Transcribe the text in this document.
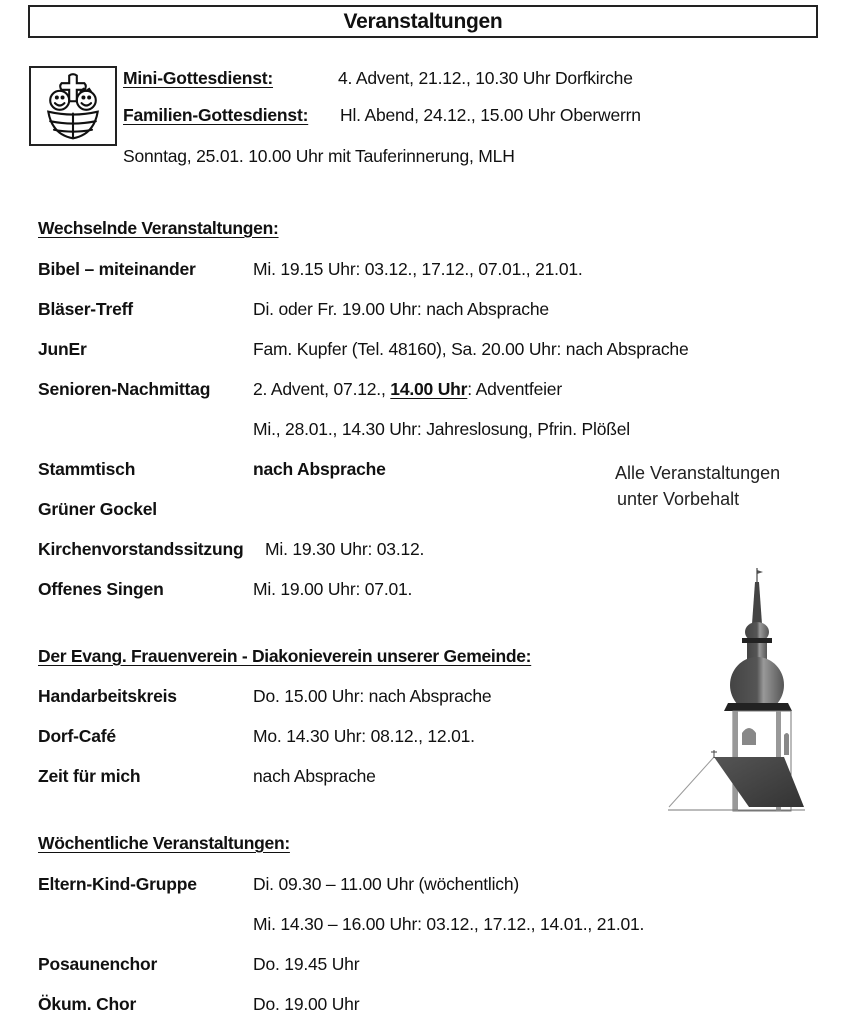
Veranstaltungen
Mini-Gottesdienst:	4. Advent, 21.12., 10.30 Uhr Dorfkirche
Familien-Gottesdienst: Hl. Abend, 24.12., 15.00 Uhr Oberwerrn
Sonntag, 25.01. 10.00 Uhr mit Tauferinnerung, MLH
Wechselnde Veranstaltungen:
Bibel – miteinander	Mi. 19.15 Uhr: 03.12., 17.12., 07.01., 21.01.
Bläser-Treff	Di. oder Fr. 19.00 Uhr: nach Absprache
JunEr	Fam. Kupfer (Tel. 48160), Sa. 20.00 Uhr: nach Absprache
Senioren-Nachmittag 2. Advent, 07.12., 14.00 Uhr: Adventfeier
Mi., 28.01., 14.30 Uhr: Jahreslosung, Pfrin. Plößel
Stammtisch	nach Absprache
Grüner Gockel
Kirchenvorstandssitzung Mi. 19.30 Uhr: 03.12.
Offenes Singen	Mi. 19.00 Uhr: 07.01.
Alle Veranstaltungen
unter Vorbehalt
Der Evang. Frauenverein - Diakonieverein unserer Gemeinde:
Handarbeitskreis	Do. 15.00 Uhr: nach Absprache
Dorf-Café	Mo. 14.30 Uhr: 08.12., 12.01.
Zeit für mich	nach Absprache
Wöchentliche Veranstaltungen:
Eltern-Kind-Gruppe	Di. 09.30 – 11.00 Uhr (wöchentlich)
Mi. 14.30 – 16.00 Uhr: 03.12., 17.12., 14.01., 21.01.
Posaunenchor	Do. 19.45 Uhr
Ökum. Chor	Do. 19.00 Uhr
